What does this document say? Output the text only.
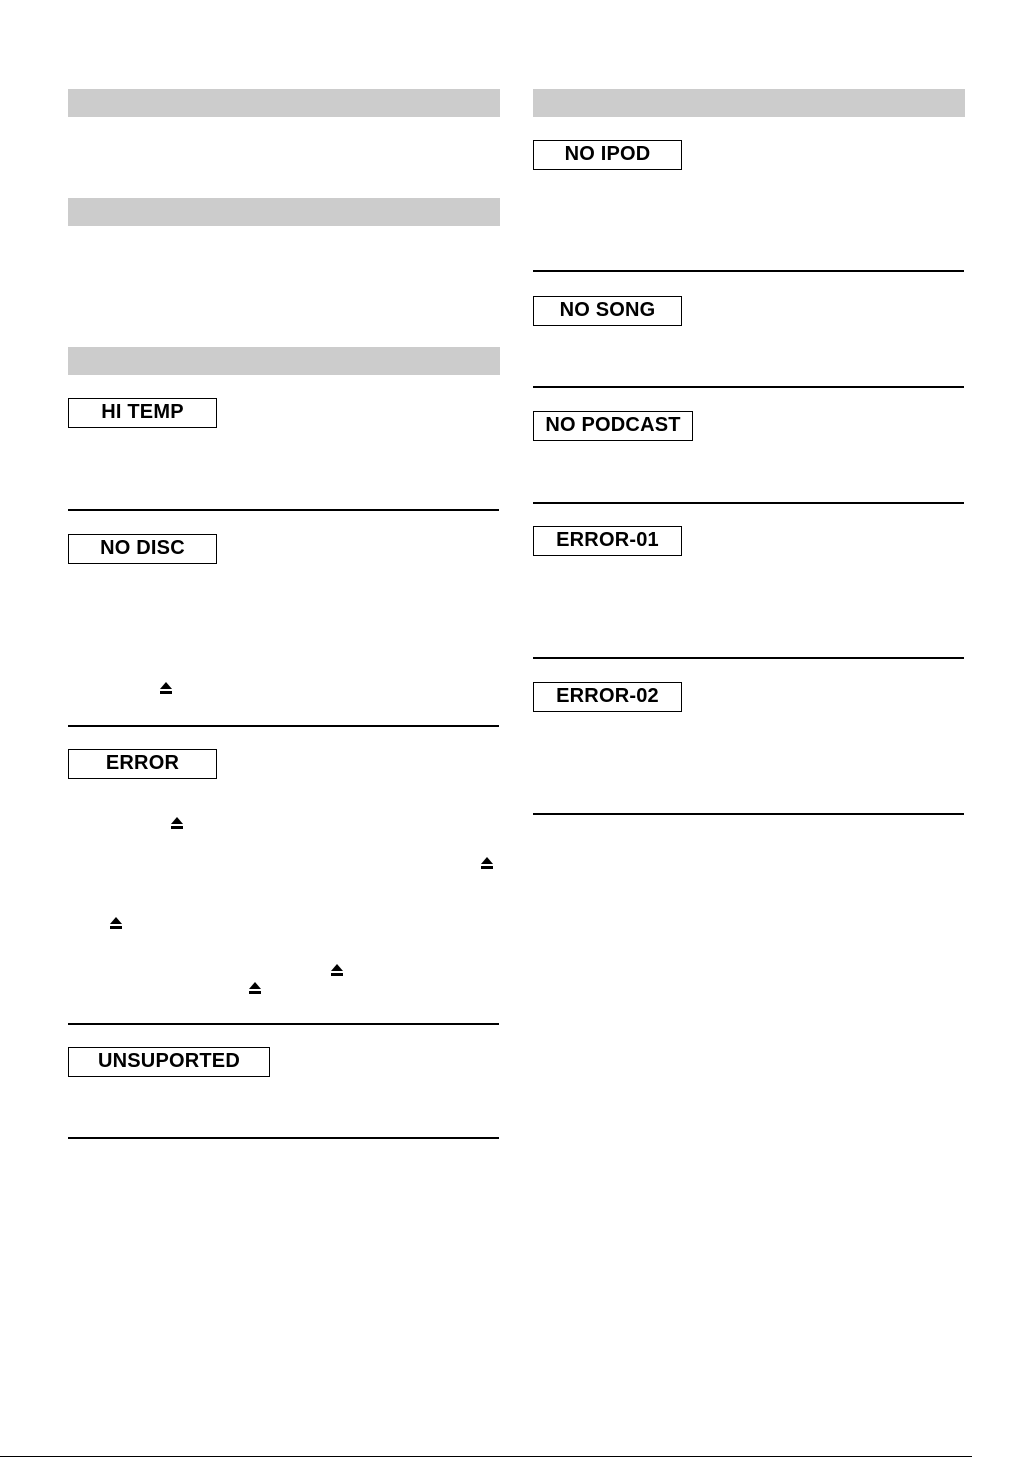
HI TEMP
NO DISC
ERROR
UNSUPORTED
NO IPOD
NO SONG
NO PODCAST
ERROR-01
ERROR-02
